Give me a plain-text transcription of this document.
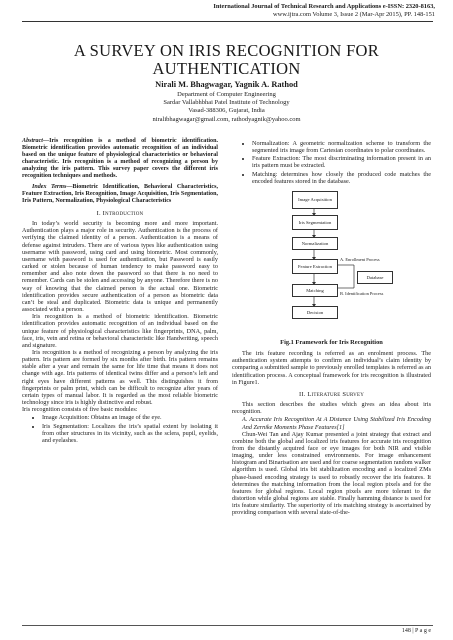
International Journal of Technical Research and Applications e-ISSN: 2320-8163,
www.ijtra.com Volume 3, Issue 2 (Mar-Apr 2015), PP. 148-151
A SURVEY ON IRIS RECOGNITION FOR
AUTHENTICATION
Nirali M. Bhagwagar, Yagnik A. Rathod
Department of Computer Engineering
Sardar Vallabhbhai Patel Institute of Technology
Vasad-388306, Gujarat, India
niralibhagwagar@gmail.com, rathodyagnik@yahoo.com

Abstract—Iris recognition is a method of biometric identification. Biometric identification provides automatic recognition of an individual based on the unique feature of physiological characteristics or behavioral characteristic. Iris recognition is a method of recognizing a person by analyzing the iris pattern. This survey paper covers the different iris recognition techniques and methods.

Index Terms—Biometric Identification, Behavioral Characteristics, Feature Extraction, Iris Recognition, Image Acquisition, Iris Segmentation, Iris Pattern, Normalization, Physiological Characteristics

I. Introduction

In today’s world security is becoming more and more important. Authentication plays a major role in security. Authentication is the process of verifying the claimed identity of a person. Authentication is a means of defense against intruders. There are of various types like authentication using username with password, using card and using biometric. Most commonly, username with password is used for authentication, but Password is easily carked or stolen because of human tendency to make password easy to remember and also note down the password so that there is no need to remember. Cards can be stolen and accessing by anyone. Therefore there is no way of knowing that the claimed person is the actual one. Biometric identification provides secure authentication of a person as biometric data can’t be steal and duplicated. Biometric data is unique and permanently associated with a person.

Iris recognition is a method of biometric identification. Biometric identification provides automatic recognition of an individual based on the unique feature of physiological characteristics like fingerprints, DNA, palm, face, iris, vein and retina or behavioral characteristic like Handwriting, speech and signature.

Iris recognition is a method of recognizing a person by analyzing the iris pattern. Iris pattern are formed by six months after birth. Iris pattern remains stable after a year and remain the same for life time that means it does not change with age. Iris patterns of identical twins differ and a person’s left and right eyes have different patterns as well. This distinguishes it from fingerprints or palm print, which can be difficult to recognize after years of certain types of manual labor. It is regarded as the most reliable biometric technology since iris is highly distinctive and robust.

Iris recognition consists of five basic modules:

• Image Acquisition: Obtains an image of the eye.
• Iris Segmentation: Localizes the iris’s spatial extent by isolating it from other structures in its vicinity, such as the sclera, pupil, eyelids, and eyelashes.
• Normalization: A geometric normalization scheme to transform the segmented iris image from Cartesian coordinates to polar coordinates.
• Feature Extraction: The most discriminating information present in an iris pattern must be extracted.
• Matching: determines how closely the produced code matches the encoded features stored in the database.
Image Acquisition
Iris Segmentation
Normalization
Feature Extraction
Matching
Decision
Database
A. Enrollment Process
B. Identification Process
Fig.1 Framework for Iris Recognition

The iris feature recording is referred as an enrolment process. The authentication system attempts to confirm an individual’s claim identity by comparing a submitted sample to previously enrolled templates is referred as an identification process. A conceptual framework for iris recognition is illustrated in Figure1.

II. Literature Survey

This section describes the studies which gives an idea about iris recognition.

A. Accurate Iris Recognition At A Distance Using Stabilized Iris Encoding And Zernike Moments Phase Features[1]

Chun-Wei Tan and Ajay Kumar presented a joint strategy that extract and combine both the global and localized iris features for accurate iris recognition from the distantly acquired face or eye images for both NIR and visible imaging, under less constrained environments. For image enhancement histogram and Binarisation are used and for coarse segmentation random walker algorithm is used. Global iris bit stabilization encoding and a localized ZMs phase-based encoding strategy is used to robustly recover the iris features. It determines the matching information from the local region pixels and for the features for global regions. Local region pixels are more tolerant to the distortion while global regions are stable. Finally hamming distance is used for iris feature similarity. The superiority of iris matching strategy is ascertained by providing comparison with several state-of-the-

148 | P a g e
